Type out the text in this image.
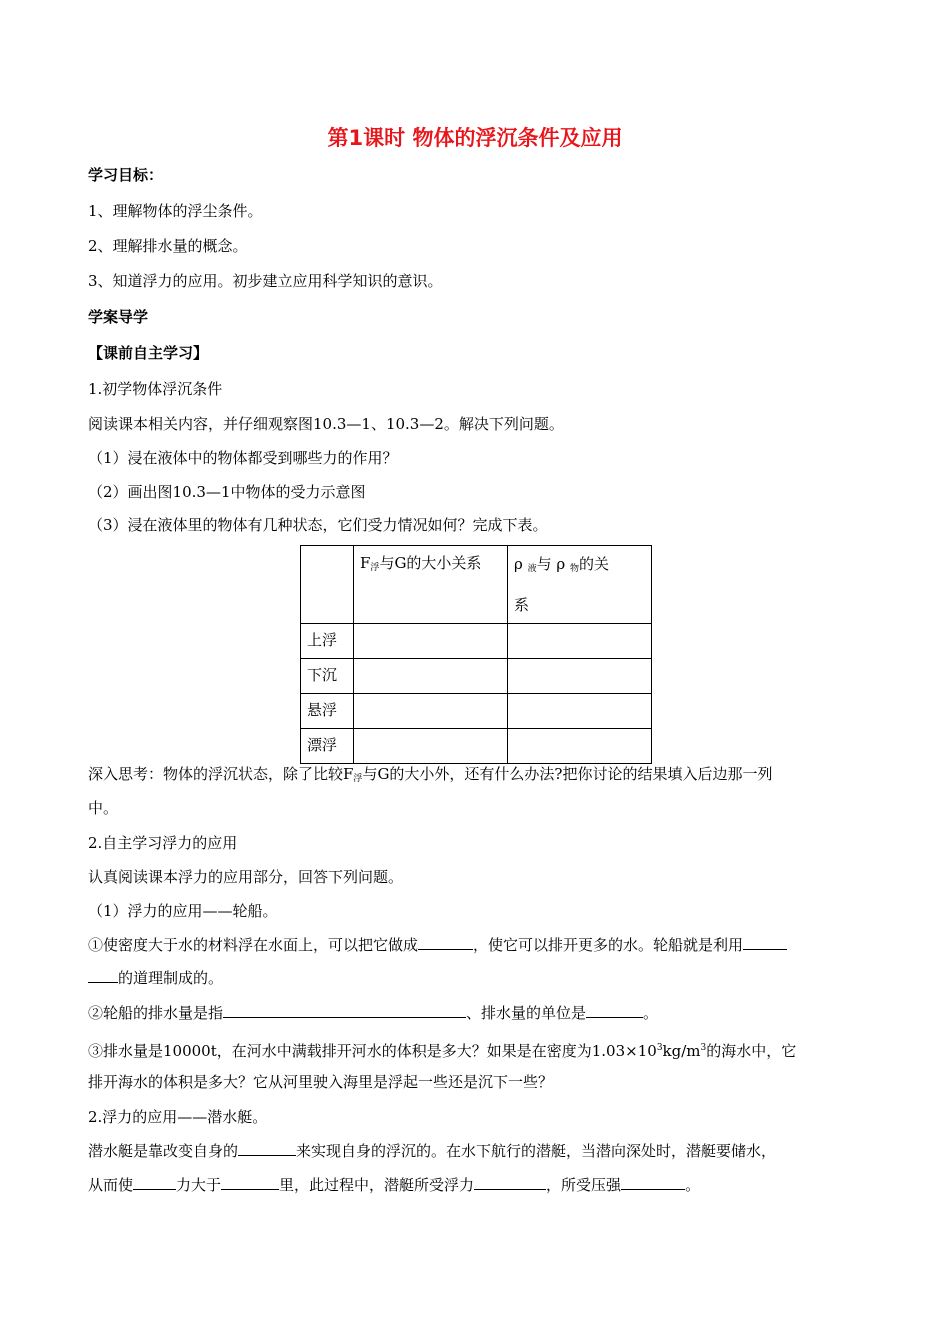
第1课时 物体的浮沉条件及应用
学习目标：
1、理解物体的浮尘条件。
2、理解排水量的概念。
3、知道浮力的应用。初步建立应用科学知识的意识。
学案导学
【课前自主学习】
1.初学物体浮沉条件
阅读课本相关内容，并仔细观察图10.3—1、10.3—2。解决下列问题。
（1）浸在液体中的物体都受到哪些力的作用？
（2）画出图10.3—1中物体的受力示意图
（3）浸在液体里的物体有几种状态，它们受力情况如何？完成下表。

	$F_浮$与G的大小关系	ρ $_液$与 ρ $_物$的关
系

上浮		

下沉		

悬浮		

漂浮		

深入思考：物体的浮沉状态，除了比较$F_浮$与G的大小外，还有什么办法?把你讨论的结果填入后边那一列
中。
2.自主学习浮力的应用
认真阅读课本浮力的应用部分，回答下列问题。
（1）浮力的应用——轮船。
①使密度大于水的材料浮在水面上，可以把它做成	，使它可以排开更多的水。轮船就是利用
的道理制成的。
②轮船的排水量是指	、排水量的单位是	。
③排水量是10000t，在河水中满载排开河水的体积是多大？如果是在密度为$1.03\times 10^3kg/m^3$的海水中，它
排开海水的体积是多大？它从河里驶入海里是浮起一些还是沉下一些？
2.浮力的应用——潜水艇。
潜水艇是靠改变自身的	来实现自身的浮沉的。在水下航行的潜艇，当潜向深处时，潜艇要储水，
从而使	力大于	里，此过程中，潜艇所受浮力	，所受压强	。
